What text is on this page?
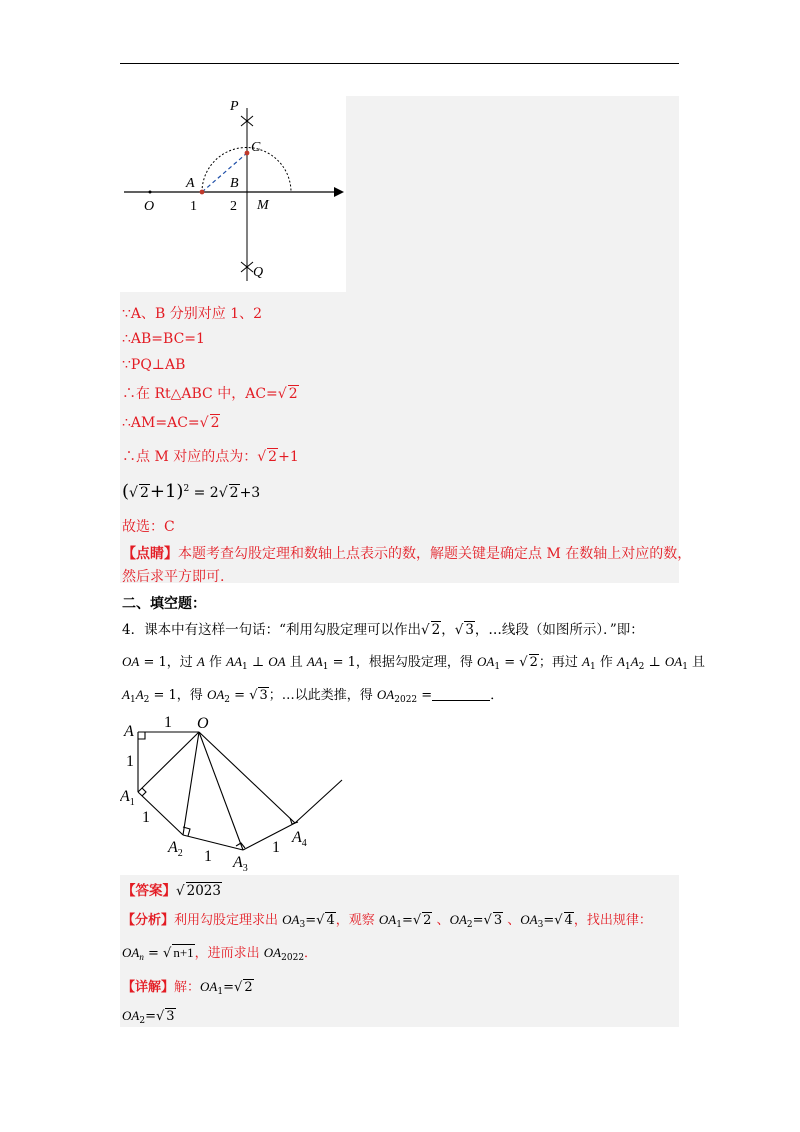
P
C
A	B
O	M
Q
1 2
∵A、B 分别对应 1、2
∴AB=BC=1
∵PQ⊥AB
∴在 Rt△ABC 中，AC=√ 2
∴AM=AC=√ 2
∴点 M 对应的点为：√ 2+1
(√ 2+1)$^2$ = 2√ 2+3
故选：C
【点睛】本题考查勾股定理和数轴上点表示的数，解题关键是确定点 M 在数轴上对应的数，
然后求平方即可.
二、填空题：
4．课本中有这样一句话：“利用勾股定理可以作出√ 2，√ 3，…线段（如图所示）．”即：
OA = 1，过 A 作 $AA_1$ ⊥ OA 且 $AA_1 = 1$，根据勾股定理，得 $OA_1$ = √ 2；再过 $A_1$ 作 $A_1A_2$ ⊥ $OA_1$ 且
$A_1A_2 = 1$，得 $OA_2$ = √ 3；…以此类推，得 $OA_{2022}$ =	．
A	O
$A_1$
$A_2$
$A_3$
$A_4$
1
1
1
1
1
【答案】√ 2023
【分析】利用勾股定理求出 $OA_3=√$ 4，观察 $OA_1=√$ 2 、$OA_2=√$ 3 、$OA_3=√$ 4，找出规律：
$OA_n$ = √ n+1，进而求出 $OA_{2022}$．
【详解】解：$OA_1=√$ 2
$OA_2=√$ 3
